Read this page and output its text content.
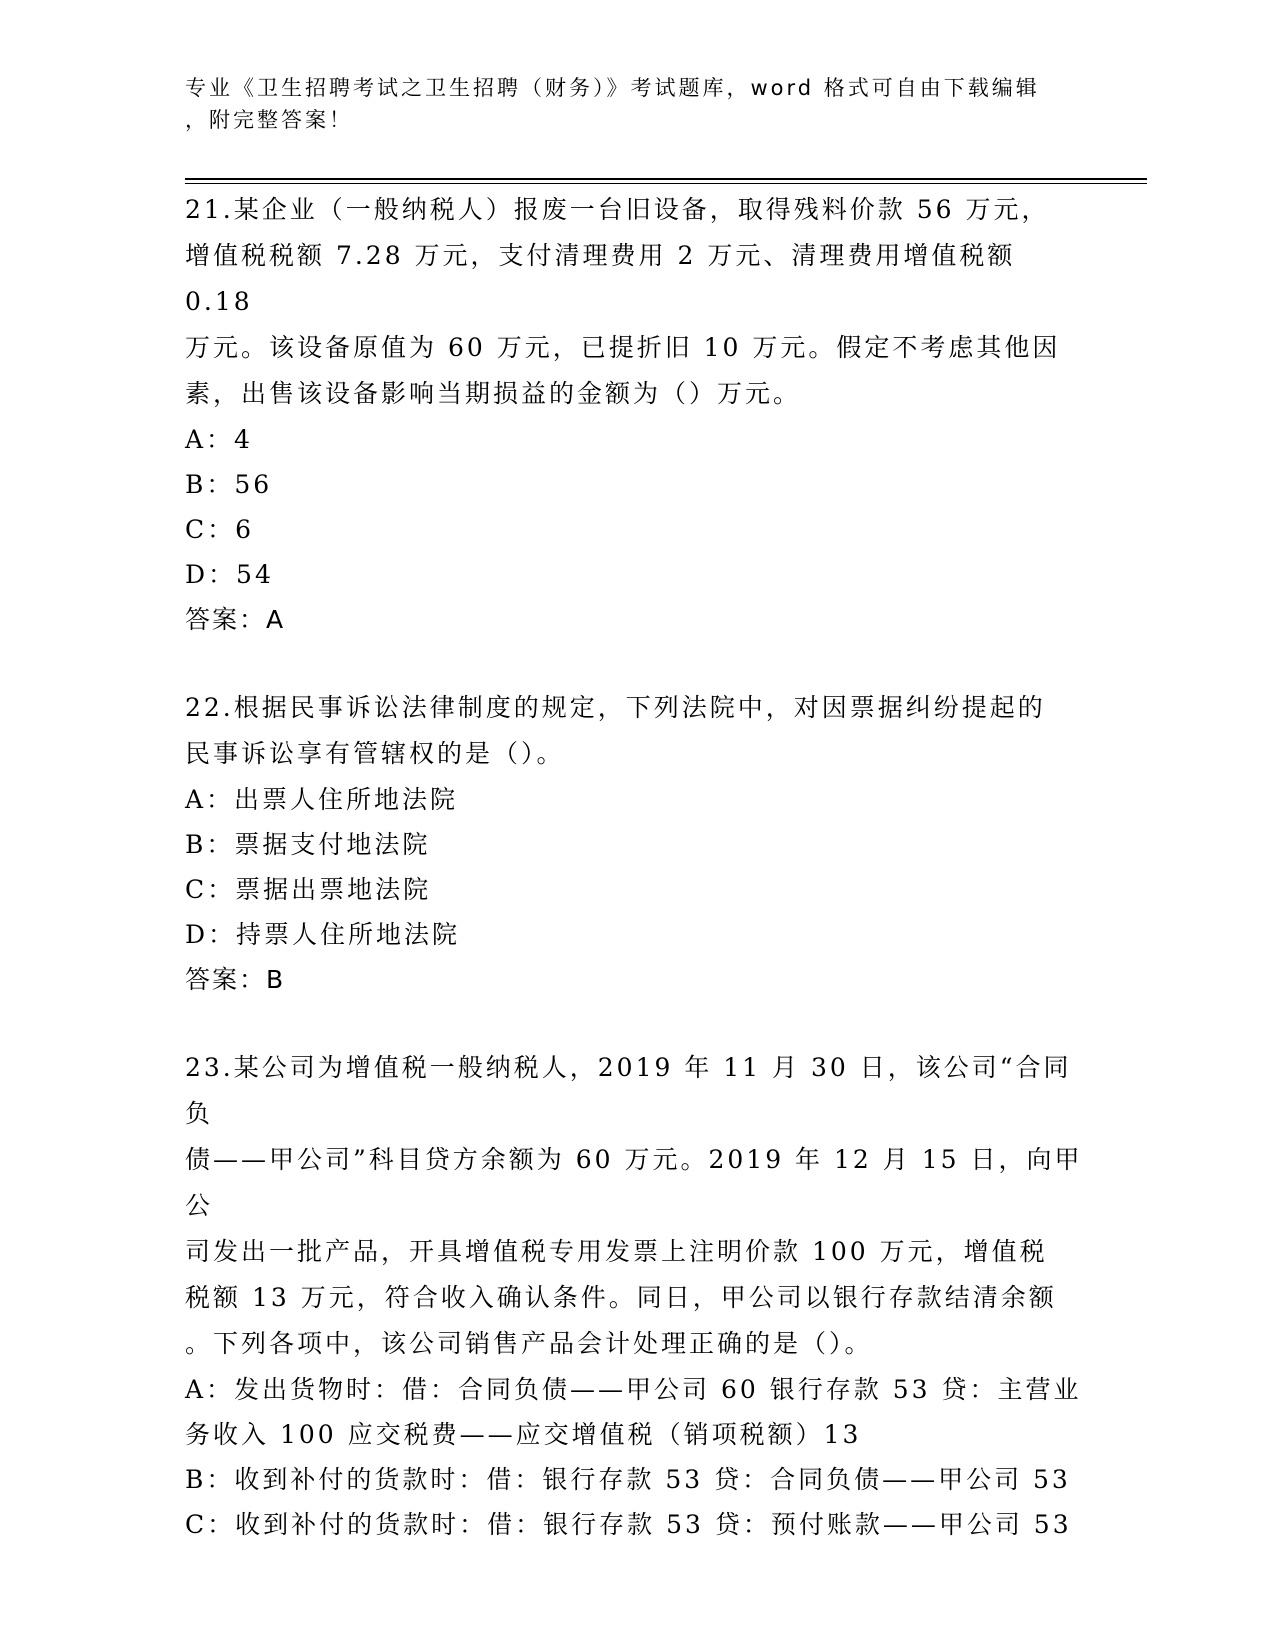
专业《卫生招聘考试之卫生招聘（财务）》考试题库，word 格式可自由下载编辑
，附完整答案！
21.某企业（一般纳税人）报废一台旧设备，取得残料价款 56 万元，
增值税税额 7.28 万元，支付清理费用 2 万元、清理费用增值税额 0.18
万元。该设备原值为 60 万元，已提折旧 10 万元。假定不考虑其他因
素，出售该设备影响当期损益的金额为（）万元。
A：4
B：56
C：6
D：54
答案：A
22.根据民事诉讼法律制度的规定，下列法院中，对因票据纠纷提起的
民事诉讼享有管辖权的是（）。
A：出票人住所地法院
B：票据支付地法院
C：票据出票地法院
D：持票人住所地法院
答案：B
23.某公司为增值税一般纳税人，2019 年 11 月 30 日，该公司“合同负
债——甲公司”科目贷方余额为 60 万元。2019 年 12 月 15 日，向甲公
司发出一批产品，开具增值税专用发票上注明价款 100 万元，增值税
税额 13 万元，符合收入确认条件。同日，甲公司以银行存款结清余额
。下列各项中，该公司销售产品会计处理正确的是（）。
A：发出货物时：借：合同负债——甲公司 60 银行存款 53 贷：主营业
务收入 100 应交税费——应交增值税（销项税额）13
B：收到补付的货款时：借：银行存款 53 贷：合同负债——甲公司 53
C：收到补付的货款时：借：银行存款 53 贷：预付账款——甲公司 53
